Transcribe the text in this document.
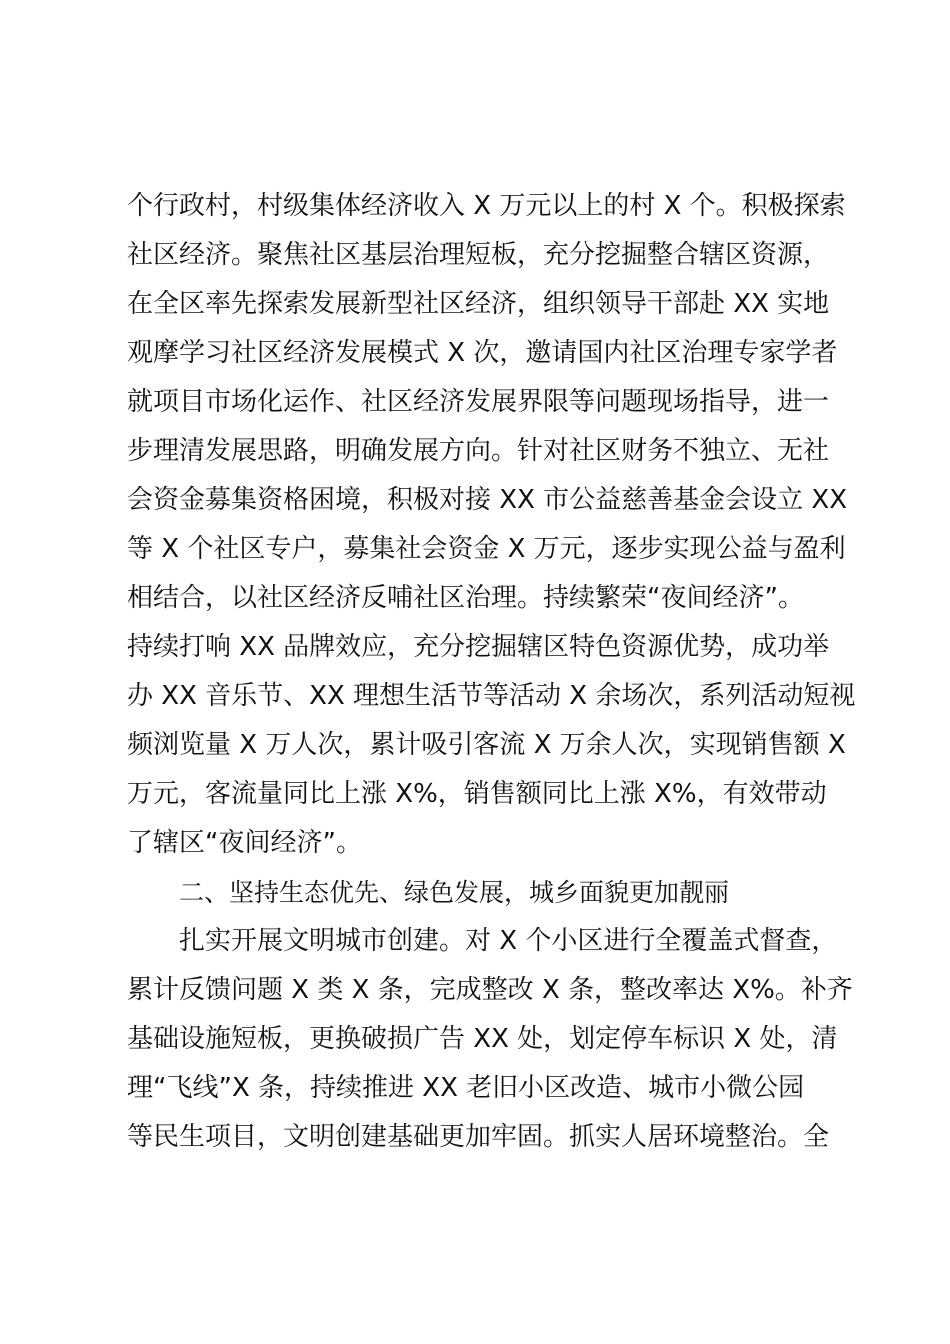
个行政村，村级集体经济收入 X 万元以上的村 X 个。积极探索
社区经济。聚焦社区基层治理短板，充分挖掘整合辖区资源，
在全区率先探索发展新型社区经济，组织领导干部赴 XX 实地
观摩学习社区经济发展模式 X 次，邀请国内社区治理专家学者
就项目市场化运作、社区经济发展界限等问题现场指导，进一
步理清发展思路，明确发展方向。针对社区财务不独立、无社
会资金募集资格困境，积极对接 XX 市公益慈善基金会设立 XX
等 X 个社区专户，募集社会资金 X 万元，逐步实现公益与盈利
相结合，以社区经济反哺社区治理。持续繁荣“夜间经济”。
持续打响 XX 品牌效应，充分挖掘辖区特色资源优势，成功举
办 XX 音乐节、XX 理想生活节等活动 X 余场次，系列活动短视
频浏览量 X 万人次，累计吸引客流 X 万余人次，实现销售额 X
万元，客流量同比上涨 X%，销售额同比上涨 X%，有效带动
了辖区“夜间经济”。
二、坚持生态优先、绿色发展，城乡面貌更加靓丽
扎实开展文明城市创建。对 X 个小区进行全覆盖式督查，
累计反馈问题 X 类 X 条，完成整改 X 条，整改率达 X%。补齐
基础设施短板，更换破损广告 XX 处，划定停车标识 X 处，清
理“飞线”X 条，持续推进 XX 老旧小区改造、城市小微公园
等民生项目，文明创建基础更加牢固。抓实人居环境整治。全
